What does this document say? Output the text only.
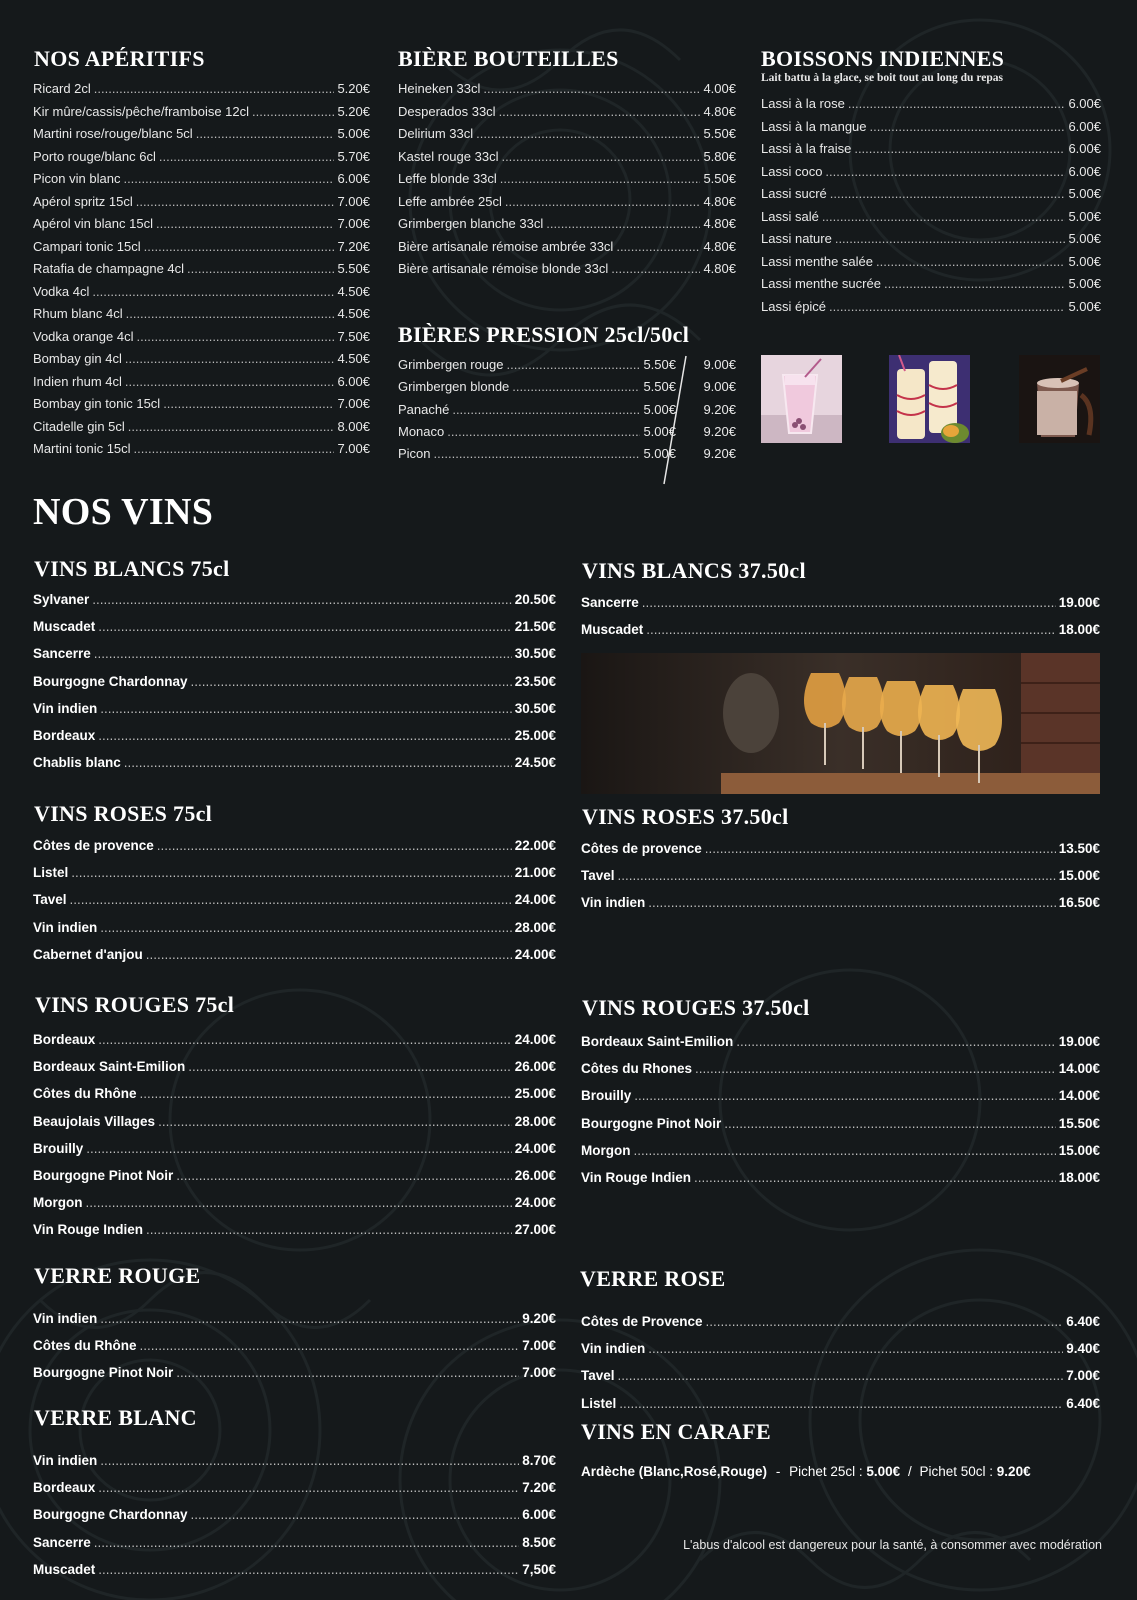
NOS APÉRITIFS
Ricard 2cl .....	5.20€
Kir mûre/cassis/pêche/framboise 12cl .....	5.20€
Martini rose/rouge/blanc 5cl .....	5.00€
Porto rouge/blanc 6cl .....	5.70€
Picon vin blanc .....	6.00€
Apérol spritz 15cl .....	7.00€
Apérol vin blanc 15cl .....	7.00€
Campari tonic 15cl .....	7.20€
Ratafia de champagne 4cl .....	5.50€
Vodka 4cl .....	4.50€
Rhum blanc 4cl .....	4.50€
Vodka orange 4cl .....	7.50€
Bombay gin 4cl .....	4.50€
Indien rhum 4cl .....	6.00€
Bombay gin tonic 15cl .....	7.00€
Citadelle gin 5cl .....	8.00€
Martini tonic 15cl .....	7.00€
BIÈRE BOUTEILLES
Heineken 33cl .....	4.00€
Desperados 33cl .....	4.80€
Delirium 33cl .....	5.50€
Kastel rouge 33cl .....	5.80€
Leffe blonde 33cl .....	5.50€
Leffe ambrée 25cl .....	4.80€
Grimbergen blanche 33cl .....	4.80€
Bière artisanale rémoise ambrée 33cl .....	4.80€
Bière artisanale rémoise blonde 33cl .....	4.80€
BIÈRES PRESSION 25cl/50cl
Grimbergen rouge .....	5.50€	9.00€
Grimbergen blonde .....	5.50€	9.00€
Panaché .....	5.00€	9.20€
Monaco .....	5.00€	9.20€
Picon .....	5.00€	9.20€
BOISSONS INDIENNES
Lait battu à la glace, se boit tout au long du repas
Lassi à la rose .....	6.00€
Lassi à la mangue .....	6.00€
Lassi à la fraise .....	6.00€
Lassi coco .....	6.00€
Lassi sucré .....	5.00€
Lassi salé .....	5.00€
Lassi nature .....	5.00€
Lassi menthe salée .....	5.00€
Lassi menthe sucrée .....	5.00€
Lassi épicé .....	5.00€
NOS VINS
VINS BLANCS 75cl
Sylvaner .....	20.50€
Muscadet .....	21.50€
Sancerre .....	30.50€
Bourgogne Chardonnay .....	23.50€
Vin indien .....	30.50€
Bordeaux .....	25.00€
Chablis blanc .....	24.50€
VINS BLANCS 37.50cl
Sancerre .....	19.00€
Muscadet .....	18.00€
VINS ROSES 75cl
Côtes de provence .....	22.00€
Listel .....	21.00€
Tavel .....	24.00€
Vin indien .....	28.00€
Cabernet d'anjou .....	24.00€
VINS ROSES 37.50cl
Côtes de provence .....	13.50€
Tavel .....	15.00€
Vin indien .....	16.50€
VINS ROUGES 75cl
Bordeaux .....	24.00€
Bordeaux Saint-Emilion .....	26.00€
Côtes du Rhône .....	25.00€
Beaujolais Villages .....	28.00€
Brouilly .....	24.00€
Bourgogne Pinot Noir .....	26.00€
Morgon .....	24.00€
Vin Rouge Indien .....	27.00€
VINS ROUGES 37.50cl
Bordeaux Saint-Emilion .....	19.00€
Côtes du Rhones .....	14.00€
Brouilly .....	14.00€
Bourgogne Pinot Noir .....	15.50€
Morgon .....	15.00€
Vin Rouge Indien .....	18.00€
VERRE ROUGE
Vin indien .....	9.20€
Côtes du Rhône .....	7.00€
Bourgogne Pinot Noir .....	7.00€
VERRE ROSE
Côtes de Provence .....	6.40€
Vin indien .....	9.40€
Tavel .....	7.00€
Listel .....	6.40€
VERRE BLANC
Vin indien .....	8.70€
Bordeaux .....	7.20€
Bourgogne Chardonnay .....	6.00€
Sancerre .....	8.50€
Muscadet .....	7,50€
VINS EN CARAFE
Ardèche (Blanc,Rosé,Rouge) - Pichet 25cl : 5.00€ / Pichet 50cl : 9.20€
L'abus d'alcool est dangereux pour la santé, à consommer avec modération
